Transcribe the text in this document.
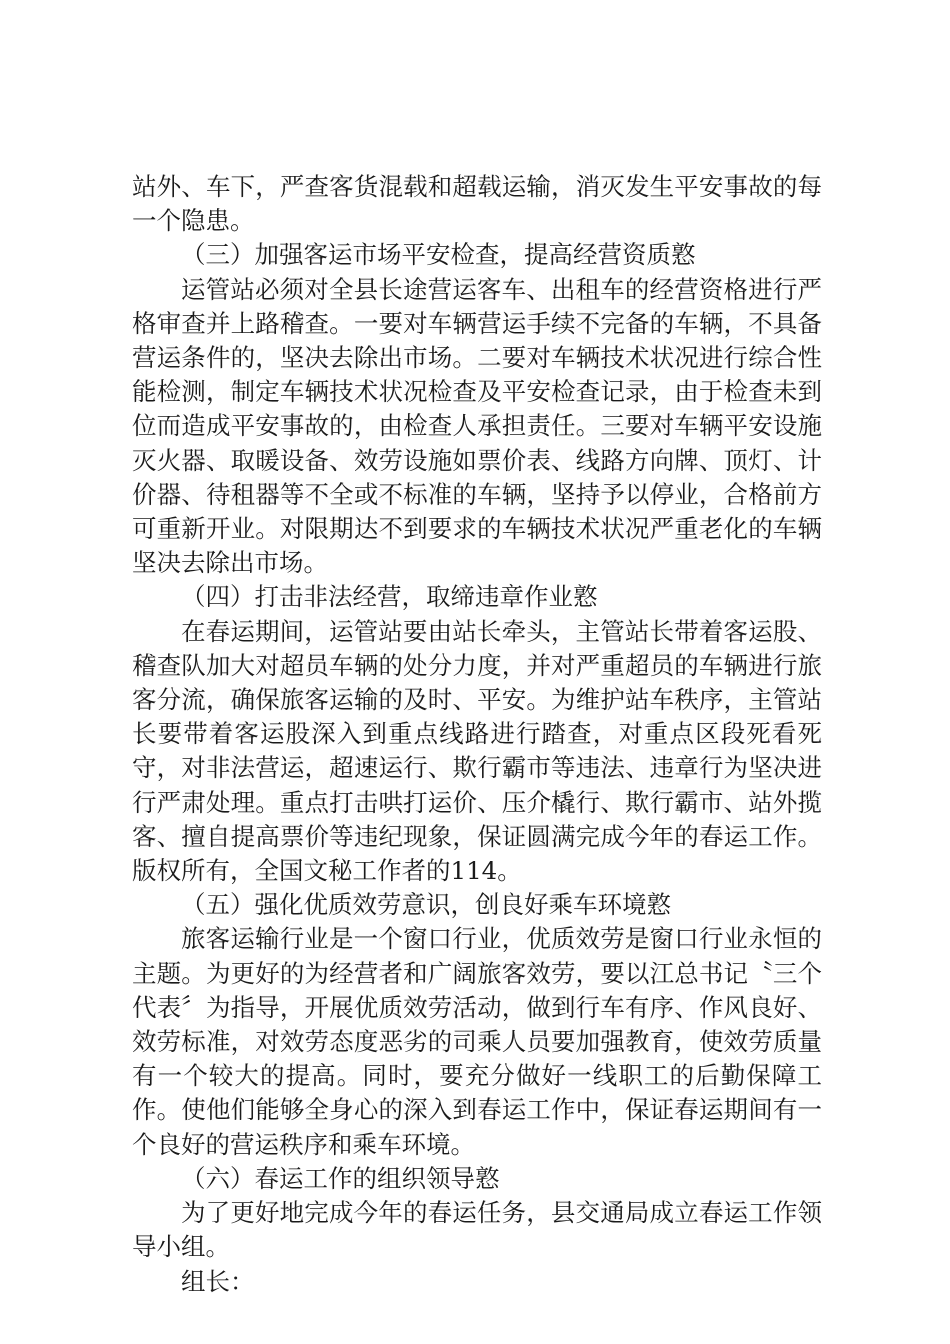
站外、车下，严查客货混载和超载运输，消灭发生平安事故的每一个隐患。

（三）加强客运市场平安检查，提高经营资质憝

运管站必须对全县长途营运客车、出租车的经营资格进行严格审查并上路稽查。一要对车辆营运手续不完备的车辆，不具备营运条件的，坚决去除出市场。二要对车辆技术状况进行综合性能检测，制定车辆技术状况检查及平安检查记录，由于检查未到位而造成平安事故的，由检查人承担责任。三要对车辆平安设施灭火器、取暖设备、效劳设施如票价表、线路方向牌、顶灯、计价器、待租器等不全或不标准的车辆，坚持予以停业，合格前方可重新开业。对限期达不到要求的车辆技术状况严重老化的车辆坚决去除出市场。

（四）打击非法经营，取缔违章作业憝

在春运期间，运管站要由站长牵头，主管站长带着客运股、稽查队加大对超员车辆的处分力度，并对严重超员的车辆进行旅客分流，确保旅客运输的及时、平安。为维护站车秩序，主管站长要带着客运股深入到重点线路进行踏查，对重点区段死看死守，对非法营运，超速运行、欺行霸市等违法、违章行为坚决进行严肃处理。重点打击哄打运价、压介橇行、欺行霸市、站外揽客、擅自提高票价等违纪现象，保证圆满完成今年的春运工作。版权所有，全国文秘工作者的114。

（五）强化优质效劳意识，创良好乘车环境憝

旅客运输行业是一个窗口行业，优质效劳是窗口行业永恒的主题。为更好的为经营者和广阔旅客效劳，要以江总书记〝三个代表〞为指导，开展优质效劳活动，做到行车有序、作风良好、效劳标准，对效劳态度恶劣的司乘人员要加强教育，使效劳质量有一个较大的提高。同时，要充分做好一线职工的后勤保障工作。使他们能够全身心的深入到春运工作中，保证春运期间有一个良好的营运秩序和乘车环境。

（六）春运工作的组织领导憝

为了更好地完成今年的春运任务，县交通局成立春运工作领导小组。

组长：
